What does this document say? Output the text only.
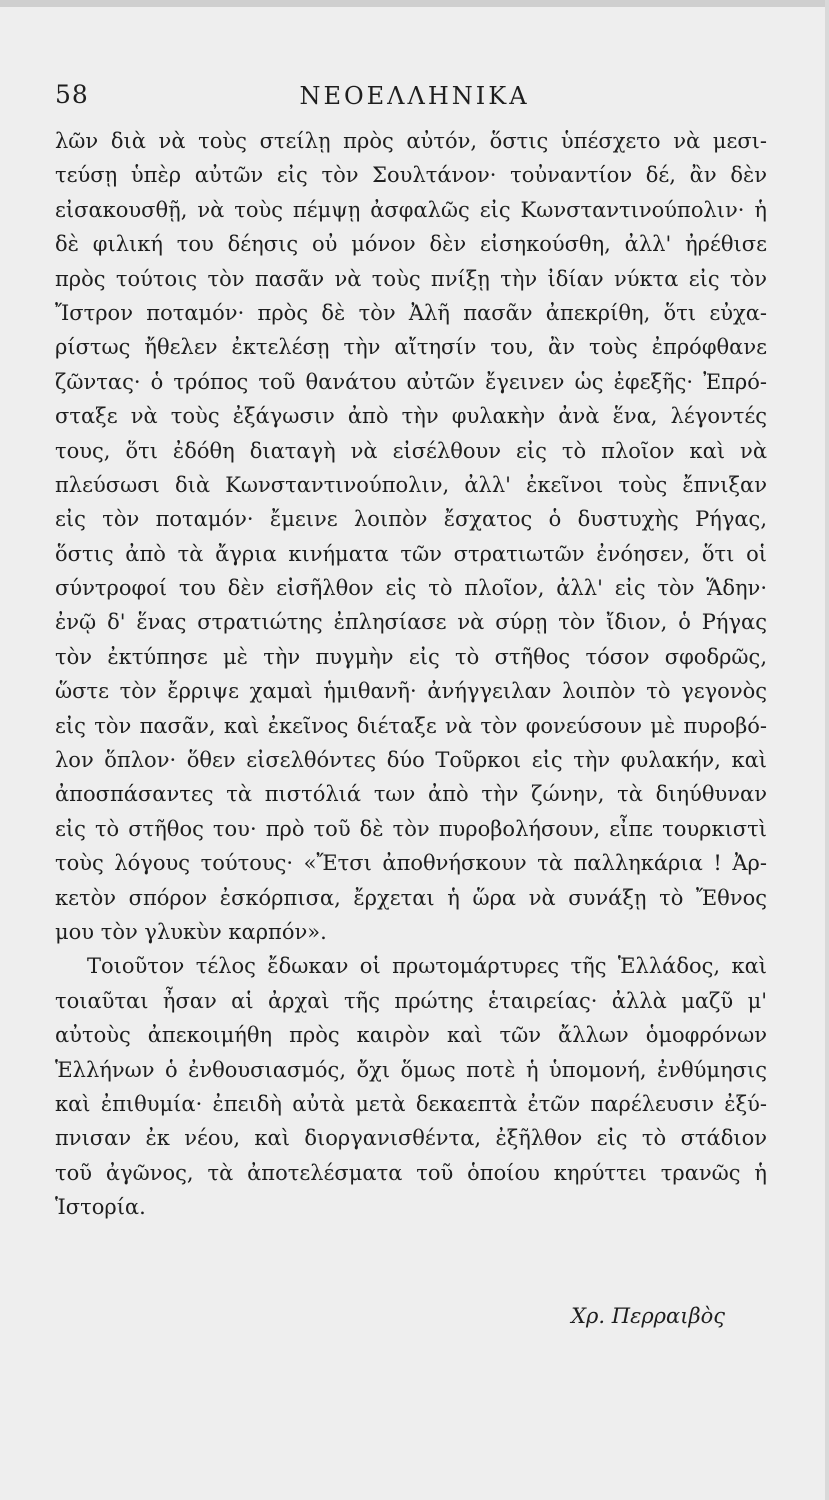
58	ΝΕΟΕΛΛΗΝΙΚΑ
λῶν διὰ νὰ τοὺς στείλῃ πρὸς αὐτόν, ὅστις ὑπέσχετο νὰ μεσι-
τεύσῃ ὑπὲρ αὐτῶν εἰς τὸν Σουλτάνον· τοὐναντίον δέ, ἂν δὲν
εἰσακουσθῇ, νὰ τοὺς πέμψῃ ἀσφαλῶς εἰς Κωνσταντινούπολιν· ἡ
δὲ φιλική του δέησις οὐ μόνον δὲν εἰσηκούσθη, ἀλλ' ἠρέθισε
πρὸς τούτοις τὸν πασᾶν νὰ τοὺς πνίξῃ τὴν ἰδίαν νύκτα εἰς τὸν
Ἴστρον ποταμόν· πρὸς δὲ τὸν Ἀλῆ πασᾶν ἀπεκρίθη, ὅτι εὐχα-
ρίστως ἤθελεν ἐκτελέσῃ τὴν αἴτησίν του, ἂν τοὺς ἐπρόφθανε
ζῶντας· ὁ τρόπος τοῦ θανάτου αὐτῶν ἔγεινεν ὡς ἐφεξῆς· Ἐπρό-
σταξε νὰ τοὺς ἐξάγωσιν ἀπὸ τὴν φυλακὴν ἀνὰ ἕνα, λέγοντές
τους, ὅτι ἐδόθη διαταγὴ νὰ εἰσέλθουν εἰς τὸ πλοῖον καὶ νὰ
πλεύσωσι διὰ Κωνσταντινούπολιν, ἀλλ' ἐκεῖνοι τοὺς ἔπνιξαν
εἰς τὸν ποταμόν· ἔμεινε λοιπὸν ἔσχατος ὁ δυστυχὴς Ρήγας,
ὅστις ἀπὸ τὰ ἄγρια κινήματα τῶν στρατιωτῶν ἐνόησεν, ὅτι οἱ
σύντροφοί του δὲν εἰσῆλθον εἰς τὸ πλοῖον, ἀλλ' εἰς τὸν Ἅδην·
ἐνῷ δ' ἕνας στρατιώτης ἐπλησίασε νὰ σύρῃ τὸν ἴδιον, ὁ Ρήγας
τὸν ἐκτύπησε μὲ τὴν πυγμὴν εἰς τὸ στῆθος τόσον σφοδρῶς,
ὥστε τὸν ἔρριψε χαμαὶ ἡμιθανῆ· ἀνήγγειλαν λοιπὸν τὸ γεγονὸς
εἰς τὸν πασᾶν, καὶ ἐκεῖνος διέταξε νὰ τὸν φονεύσουν μὲ πυροβό-
λον ὅπλον· ὅθεν εἰσελθόντες δύο Τοῦρκοι εἰς τὴν φυλακήν, καὶ
ἀποσπάσαντες τὰ πιστόλιά των ἀπὸ τὴν ζώνην, τὰ διηύθυναν
εἰς τὸ στῆθος του· πρὸ τοῦ δὲ τὸν πυροβολήσουν, εἶπε τουρκιστὶ
τοὺς λόγους τούτους· «Ἔτσι ἀποθνήσκουν τὰ παλληκάρια ! Ἀρ-
κετὸν σπόρον ἐσκόρπισα, ἔρχεται ἡ ὥρα νὰ συνάξῃ τὸ Ἔθνος
μου τὸν γλυκὺν καρπόν».
Τοιοῦτον τέλος ἔδωκαν οἱ πρωτομάρτυρες τῆς Ἑλλάδος, καὶ
τοιαῦται ἦσαν αἱ ἀρχαὶ τῆς πρώτης ἑταιρείας· ἀλλὰ μαζῦ μ'
αὐτοὺς ἀπεκοιμήθη πρὸς καιρὸν καὶ τῶν ἄλλων ὁμοφρόνων
Ἑλλήνων ὁ ἐνθουσιασμός, ὄχι ὅμως ποτὲ ἡ ὑπομονή, ἐνθύμησις
καὶ ἐπιθυμία· ἐπειδὴ αὐτὰ μετὰ δεκαεπτὰ ἐτῶν παρέλευσιν ἐξύ-
πνισαν ἐκ νέου, καὶ διοργανισθέντα, ἐξῆλθον εἰς τὸ στάδιον
τοῦ ἀγῶνος, τὰ ἀποτελέσματα τοῦ ὁποίου κηρύττει τρανῶς ἡ
Ἱστορία.
Χρ. Περραιβὸς
